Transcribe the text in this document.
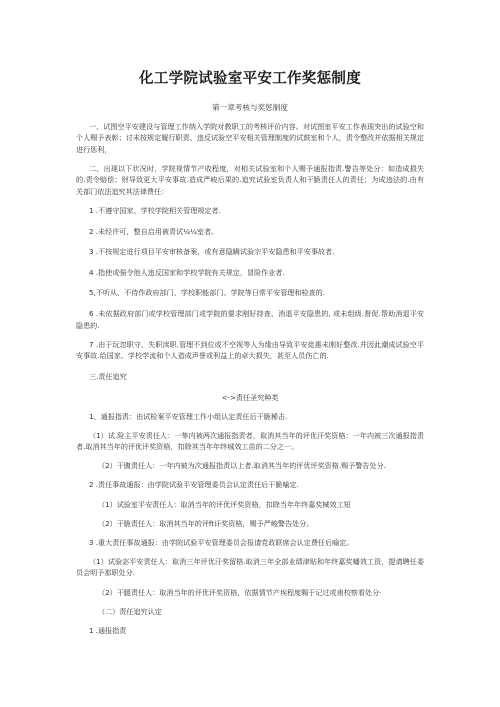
化工学院试验室平安工作奖惩制度
第一章考核与奖惩制度

一、试图空平安建设与管理工作纳入学院对教职工的考核评价内容。对试图室平安工作表现突出的试验空和个人赐予表彰；讨未按规定履行职责、违反试验空平安相关管理制度的试鼓室和个人，责令整改并依据相关规定进行惩利，

二、出现以下状况时，学院视情节产收程度，对相关试验室和个人赐予通报指责.警告等处分：如造成损失的.责令赔偿；财导致更大平安事故.造成严峻后果的.追究试验室负责人和干脆责任人的责任；为成违法的.由有关部门依法追究其法律费任：

1 .不遵守国家、学校学院相关管理规定者.

2 .未经许可，整自启用被青试¼¼室者。

3 .不按规定进行项目平安审核备案，或有意隐瞒试验宗平安隐患和平安事故者.

4 .指使或强令他人违反国家和学校学院有关规定，冒险作业者.

5,不听从、不侍作政府部门、学校职能部门、学院等日常平安管理和检查的.

6 .未依据政府部门或学校管理部门或学院的要求刚好持查、消退平安隐患的, 或未组级.督促.帮助消退平安隐患的.

7 .由于玩忽职守、失职渎职.管理不到位或不空视等人为缘由导致平安徒惠未刚好整改.并因此潮成试验空平安事故.给国家、学校学流和个人造成声誉或利益上的卓大损失，甚至人员伤亡的.

三.责任追究

<->责任圣究种类

1、通报指责：由试检案平安管理工作小组认定责任后干脆稀击.

（1）试.险主平安责任人：一隼内被两次通报指责者，取消其当年的评优汗奖资格：一年内被三次通报指责者.取消其当年的评优评奖资格，扣除其当年年终城效工苗的二分之一。

（2）干腹责任人：一年内被为次通报指责以上者.取消其当年的评优评奖资格.赐予警告处分.

2 .责任事故通报：由学院试验平安管理委员会认定责任后干脆喻定.

（1）试验室平安责任人：取消当年的评优评奖资格，扣除当年年终嘉奖械效工短

（2）干脆责任人：取消其当年的评ft讦奖资格，赐予严峻警告处分。

3 .重大责任事故通报：由学院试验平安管理委员会报请党政联席会认定费任后喻定。

（1）试验宓平安责任人：取消三年评优汙奖留格.取消三年全部业绩津贴和年终嘉奖蟠效工资，提请聘任委员会明予那职处分.

（2）干腿责任人：取消当年的评优评奖资格，依据情节产埃程度賜于记过或甫校察看处分·

（二）责任追究认定

1 .通报指责
